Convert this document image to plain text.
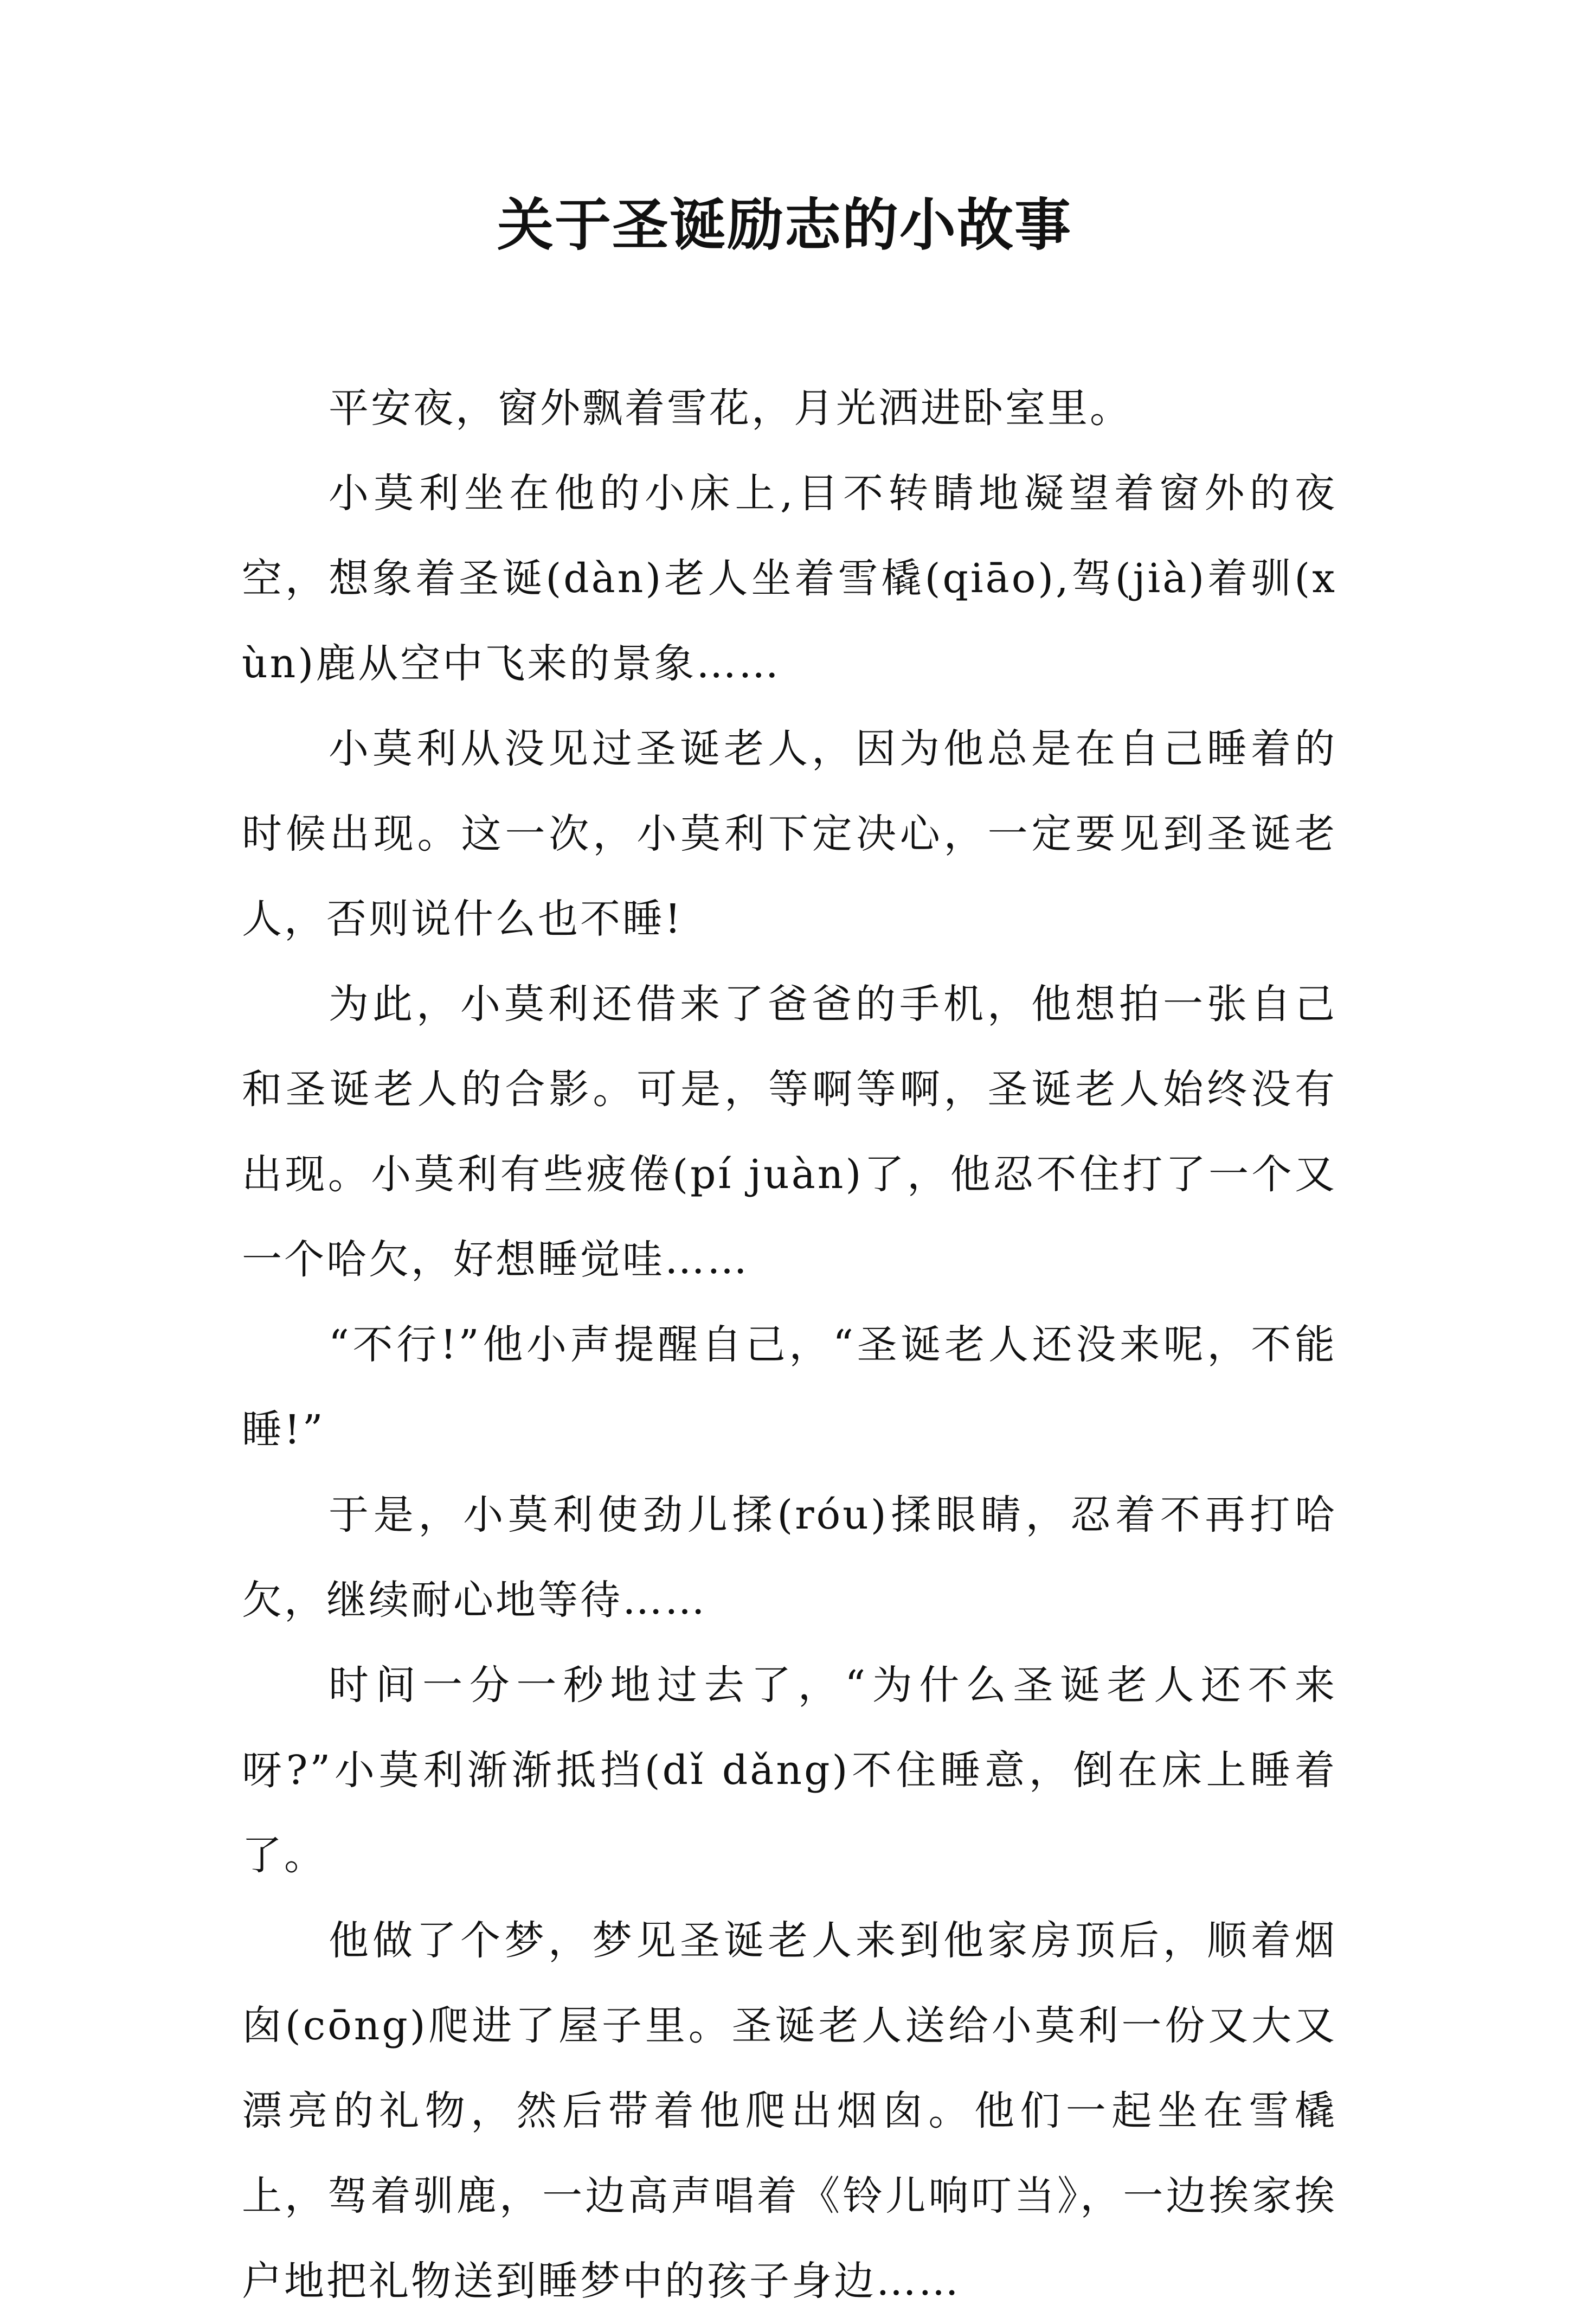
关于圣诞励志的小故事

平安夜，窗外飘着雪花，月光洒进卧室里。

小莫利坐在他的小床上,目不转睛地凝望着窗外的夜空，想象着圣诞(dàn)老人坐着雪橇(qiāo),驾(jià)着驯(xùn)鹿从空中飞来的景象……

小莫利从没见过圣诞老人，因为他总是在自己睡着的时候出现。这一次，小莫利下定决心，一定要见到圣诞老人，否则说什么也不睡!

为此，小莫利还借来了爸爸的手机，他想拍一张自己和圣诞老人的合影。可是，等啊等啊，圣诞老人始终没有出现。小莫利有些疲倦(pí juàn)了，他忍不住打了一个又一个哈欠，好想睡觉哇……

“不行!”他小声提醒自己，“圣诞老人还没来呢，不能睡!”

于是，小莫利使劲儿揉(róu)揉眼睛，忍着不再打哈欠，继续耐心地等待……

时间一分一秒地过去了，“为什么圣诞老人还不来呀?”小莫利渐渐抵挡(dǐ dǎng)不住睡意，倒在床上睡着了。

他做了个梦，梦见圣诞老人来到他家房顶后，顺着烟囱(cōng)爬进了屋子里。圣诞老人送给小莫利一份又大又漂亮的礼物，然后带着他爬出烟囱。他们一起坐在雪橇上，驾着驯鹿，一边高声唱着《铃儿响叮当》，一边挨家挨户地把礼物送到睡梦中的孩子身边……
